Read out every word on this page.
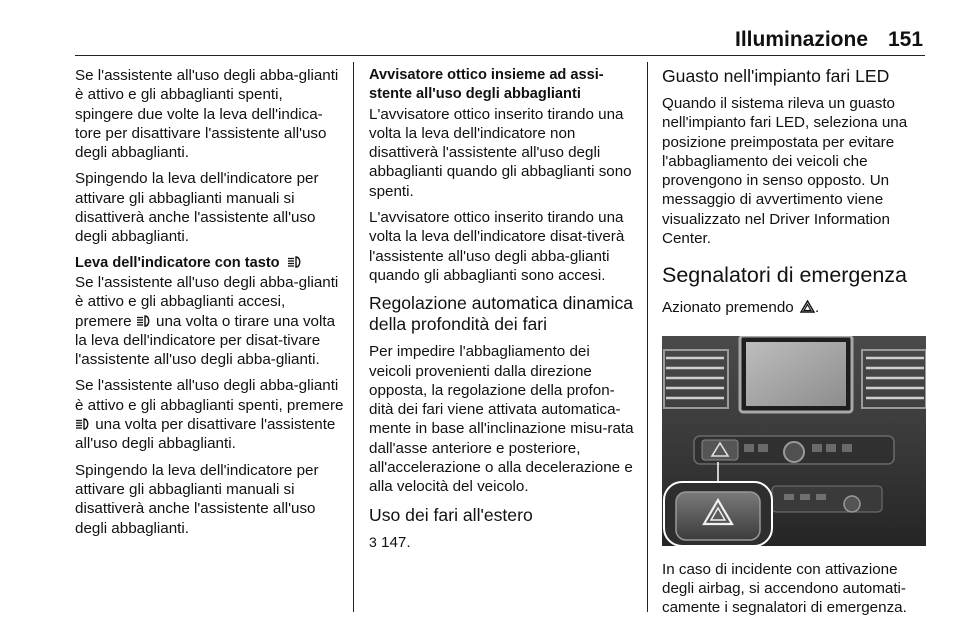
Illuminazione 151

Se l'assistente all'uso degli abba-glianti è attivo e gli abbaglianti spenti, spingere due volte la leva dell'indica-tore per disattivare l'assistente all'uso degli abbaglianti.

Spingendo la leva dell'indicatore per attivare gli abbaglianti manuali si disattiverà anche l'assistente all'uso degli abbaglianti.

Leva dell'indicatore con tasto

Se l'assistente all'uso degli abba-glianti è attivo e gli abbaglianti accesi, premere una volta o tirare una volta la leva dell'indicatore per disat-tivare l'assistente all'uso degli abba-glianti.

Se l'assistente all'uso degli abba-glianti è attivo e gli abbaglianti spenti, premere  una volta per disattivare l'assistente all'uso degli abbaglianti.

Spingendo la leva dell'indicatore per attivare gli abbaglianti manuali si disattiverà anche l'assistente all'uso degli abbaglianti.

Avvisatore ottico insieme ad assi-stente all'uso degli abbaglianti

L'avvisatore ottico inserito tirando una volta la leva dell'indicatore non disattiverà l'assistente all'uso degli abbaglianti quando gli abbaglianti sono spenti.

L'avvisatore ottico inserito tirando una volta la leva dell'indicatore disat-tiverà l'assistente all'uso degli abba-glianti quando gli abbaglianti sono accesi.

Regolazione automatica dinamica della profondità dei fari

Per impedire l'abbagliamento dei veicoli provenienti dalla direzione opposta, la regolazione della profon-dità dei fari viene attivata automatica-mente in base all'inclinazione misu-rata dall'asse anteriore e posteriore, all'accelerazione o alla decelerazione e alla velocità del veicolo.

Uso dei fari all'estero

3 147.

Guasto nell'impianto fari LED

Quando il sistema rileva un guasto nell'impianto fari LED, seleziona una posizione preimpostata per evitare l'abbagliamento dei veicoli che provengono in senso opposto. Un messaggio di avvertimento viene visualizzato nel Driver Information Center.

Segnalatori di emergenza

Azionato premendo .

In caso di incidente con attivazione degli airbag, si accendono automati-camente i segnalatori di emergenza.
